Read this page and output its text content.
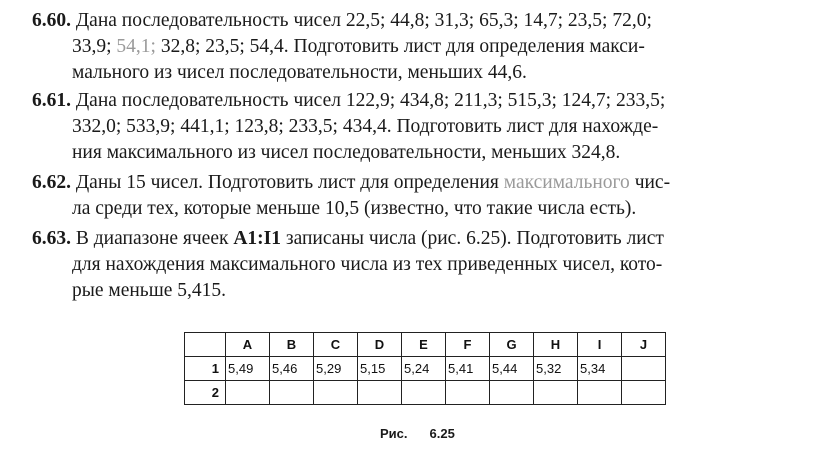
6.60. Дана последовательность чисел 22,5; 44,8; 31,3; 65,3; 14,7; 23,5; 72,0;
33,9; 54,1; 32,8; 23,5; 54,4. Подготовить лист для определения макси-
мального из чисел последовательности, меньших 44,6.
6.61. Дана последовательность чисел 122,9; 434,8; 211,3; 515,3; 124,7; 233,5;
332,0; 533,9; 441,1; 123,8; 233,5; 434,4. Подготовить лист для нахожде-
ния максимального из чисел последовательности, меньших 324,8.
6.62. Даны 15 чисел. Подготовить лист для определения максимального чис-
ла среди тех, которые меньше 10,5 (известно, что такие числа есть).
6.63. В диапазоне ячеек A1:I1 записаны числа (рис. 6.25). Подготовить лист
для нахождения максимального числа из тех приведенных чисел, кото-
рые меньше 5,415.
	A	B	C	D	E	F	G	H	I	J
1	5,49	5,46	5,29	5,15	5,24	5,41	5,44	5,32	5,34	
2										
Рис. 6.25
